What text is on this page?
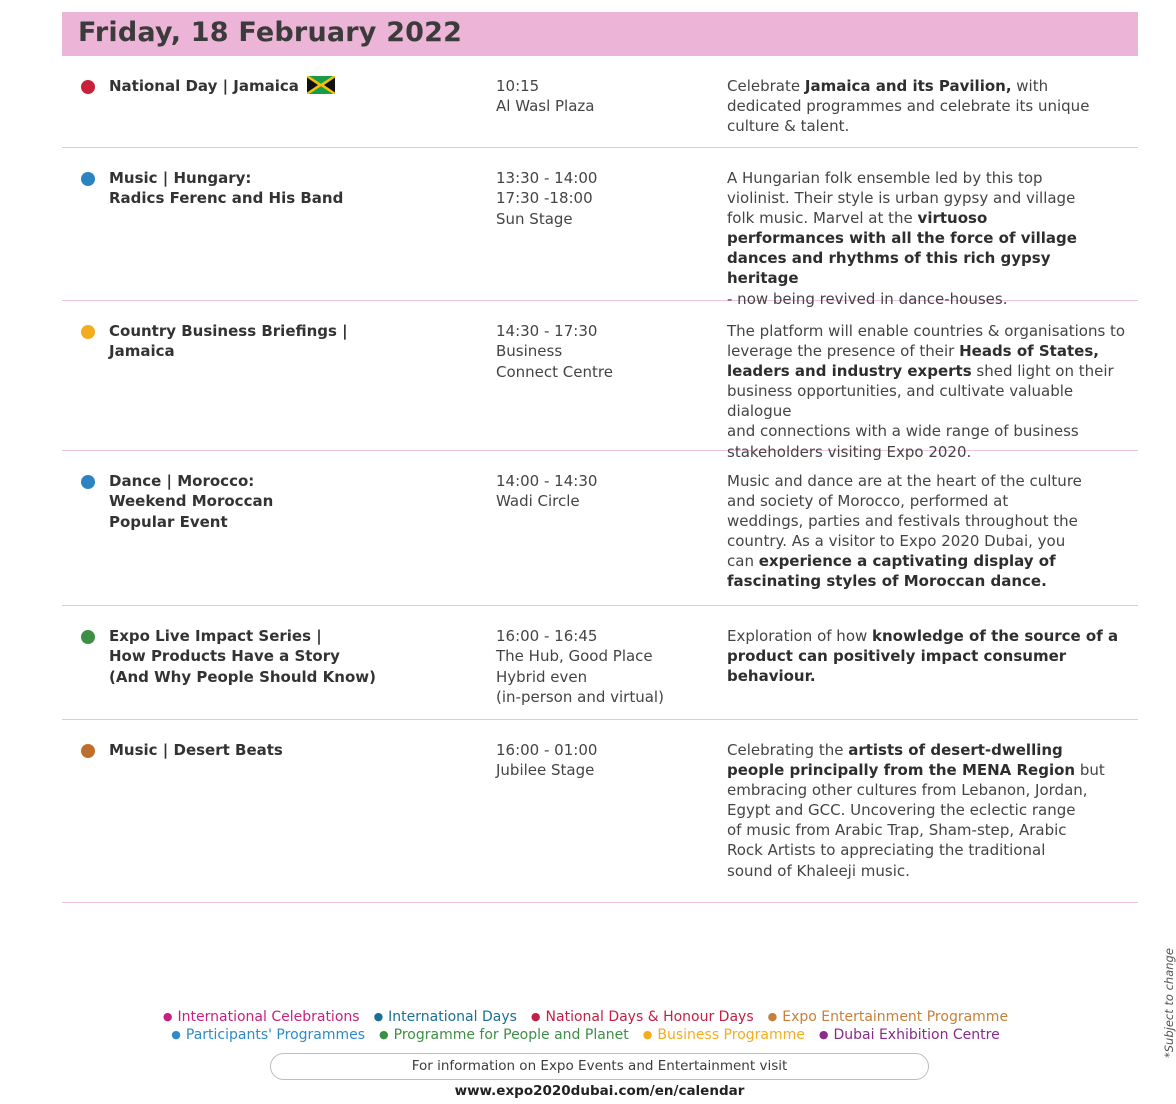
Friday, 18 February 2022
National Day | Jamaica	10:15
Al Wasl Plaza
Celebrate Jamaica and its Pavilion, with
dedicated programmes and celebrate its unique
culture & talent.
Music | Hungary:
Radics Ferenc and His Band
13:30 - 14:00
17:30 -18:00
Sun Stage
A Hungarian folk ensemble led by this top
violinist. Their style is urban gypsy and village
folk music. Marvel at the virtuoso
performances with all the force of village
dances and rhythms of this rich gypsy heritage
- now being revived in dance-houses.
Country Business Briefings |
Jamaica
14:30 - 17:30
Business
Connect Centre
The platform will enable countries & organisations to
leverage the presence of their Heads of States,
leaders and industry experts shed light on their
business opportunities, and cultivate valuable dialogue
and connections with a wide range of business
stakeholders visiting Expo 2020.
Dance | Morocco:
Weekend Moroccan
Popular Event
14:00 - 14:30
Wadi Circle
Music and dance are at the heart of the culture
and society of Morocco, performed at
weddings, parties and festivals throughout the
country. As a visitor to Expo 2020 Dubai, you
can experience a captivating display of
fascinating styles of Moroccan dance.
Expo Live Impact Series |
How Products Have a Story
(And Why People Should Know)
16:00 - 16:45
The Hub, Good Place
Hybrid even
(in-person and virtual)
Exploration of how knowledge of the source of a
product can positively impact consumer behaviour.
Music | Desert Beats	16:00 - 01:00
Jubilee Stage
Celebrating the artists of desert-dwelling
people principally from the MENA Region but
embracing other cultures from Lebanon, Jordan,
Egypt and GCC. Uncovering the eclectic range
of music from Arabic Trap, Sham-step, Arabic
Rock Artists to appreciating the traditional
sound of Khaleeji music.
● International Celebrations ● International Days ● National Days & Honour Days ● Expo Entertainment Programme
● Participants' Programmes ● Programme for People and Planet ● Business Programme ● Dubai Exhibition Centre
For information on Expo Events and Entertainment visit www.expo2020dubai.com/en/calendar
*Subject to change
